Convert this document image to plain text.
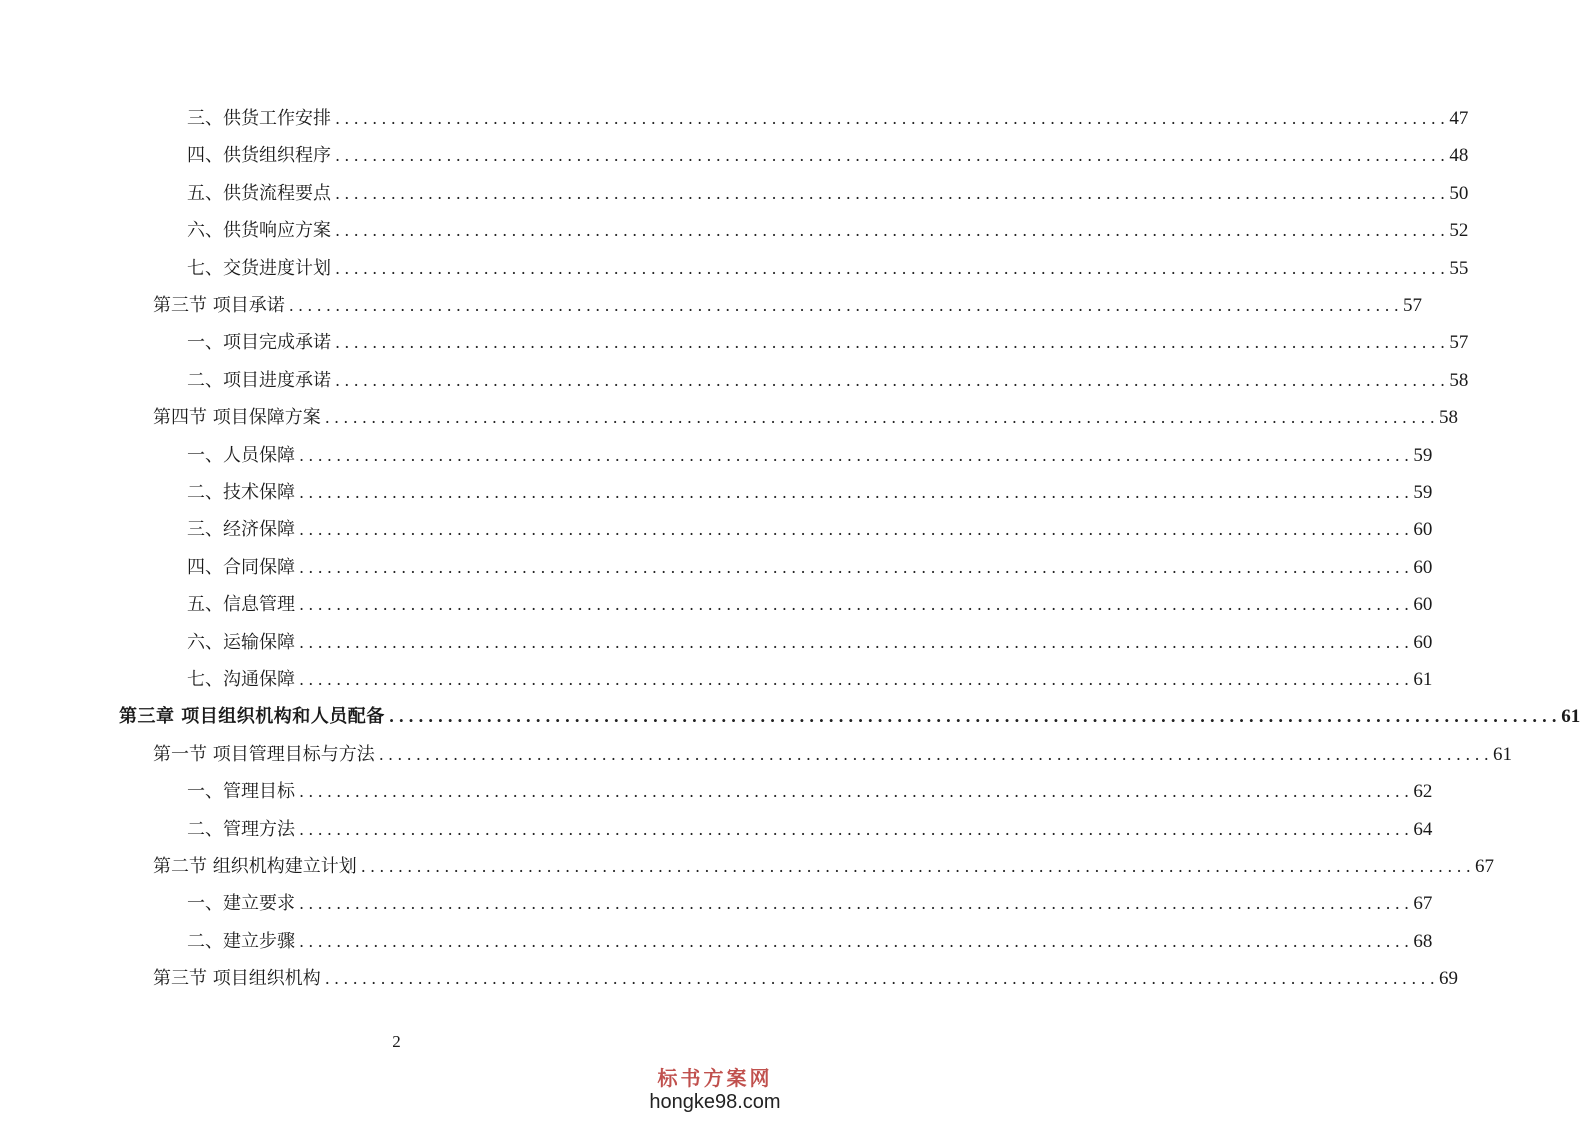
三、供货工作安排 ........................................................................................................................ 47
四、供货组织程序 ........................................................................................................................ 48
五、供货流程要点 ........................................................................................................................ 50
六、供货响应方案 ........................................................................................................................ 52
七、交货进度计划 ........................................................................................................................ 55
第三节 项目承诺 ........................................................................................................................ 57
一、项目完成承诺 ........................................................................................................................ 57
二、项目进度承诺 ........................................................................................................................ 58
第四节 项目保障方案 ........................................................................................................................ 58
一、人员保障 ........................................................................................................................ 59
二、技术保障 ........................................................................................................................ 59
三、经济保障 ........................................................................................................................ 60
四、合同保障 ........................................................................................................................ 60
五、信息管理 ........................................................................................................................ 60
六、运输保障 ........................................................................................................................ 60
七、沟通保障 ........................................................................................................................ 61
第三章 项目组织机构和人员配备 ........................................................................................................................ 61
第一节 项目管理目标与方法 ........................................................................................................................ 61
一、管理目标 ........................................................................................................................ 62
二、管理方法 ........................................................................................................................ 64
第二节 组织机构建立计划 ........................................................................................................................ 67
一、建立要求 ........................................................................................................................ 67
二、建立步骤 ........................................................................................................................ 68
第三节 项目组织机构 ........................................................................................................................ 69
2
标书方案网
hongke98.com
